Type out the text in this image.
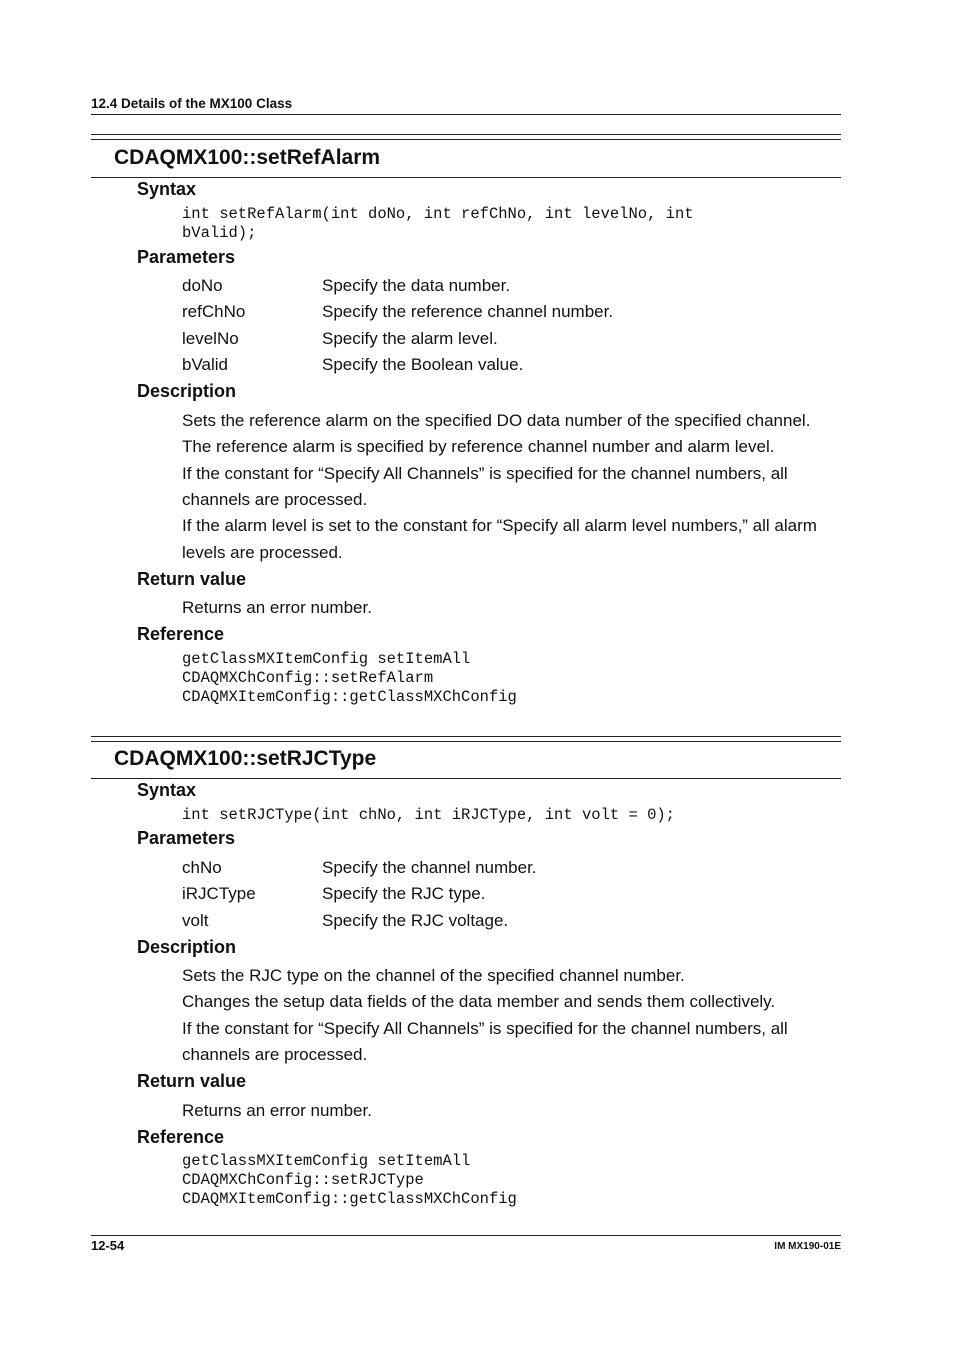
12.4 Details of the MX100 Class
CDAQMX100::setRefAlarm
Syntax
int setRefAlarm(int doNo, int refChNo, int levelNo, int
bValid);
Parameters
doNo	Specify the data number.
refChNo	Specify the reference channel number.
levelNo	Specify the alarm level.
bValid	Specify the Boolean value.
Description
Sets the reference alarm on the specified DO data number of the specified channel.
The reference alarm is specified by reference channel number and alarm level.
If the constant for “Specify All Channels” is specified for the channel numbers, all
channels are processed.
If the alarm level is set to the constant for “Specify all alarm level numbers,” all alarm
levels are processed.
Return value
Returns an error number.
Reference
getClassMXItemConfig setItemAll
CDAQMXChConfig::setRefAlarm
CDAQMXItemConfig::getClassMXChConfig
CDAQMX100::setRJCType
Syntax
int setRJCType(int chNo, int iRJCType, int volt = 0);
Parameters
chNo	Specify the channel number.
iRJCType	Specify the RJC type.
volt	Specify the RJC voltage.
Description
Sets the RJC type on the channel of the specified channel number.
Changes the setup data fields of the data member and sends them collectively.
If the constant for “Specify All Channels” is specified for the channel numbers, all
channels are processed.
Return value
Returns an error number.
Reference
getClassMXItemConfig setItemAll
CDAQMXChConfig::setRJCType
CDAQMXItemConfig::getClassMXChConfig
12-54	IM MX190-01E
